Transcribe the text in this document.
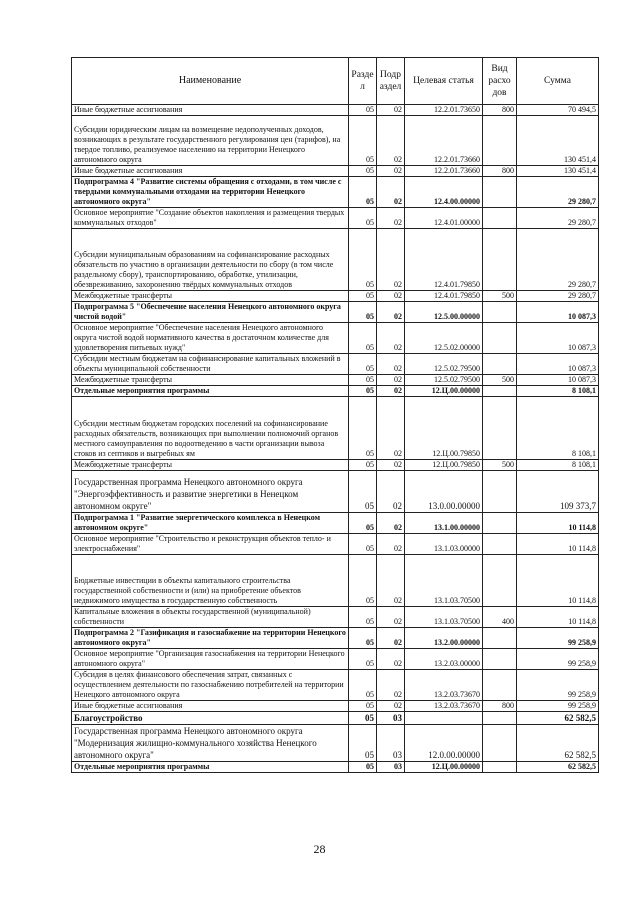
Наименование	Разде л	Подр аздел	Целевая статья	Вид расхо дов	Сумма
Иные бюджетные ассигнования	05	02	12.2.01.73650	800	70 494,5
Субсидии юридическим лицам на возмещение недополученных доходов, возникающих в результате государственного регулирования цен (тарифов), на твердое топливо, реализуемое населению на территории Ненецкого автономного округа	05	02	12.2.01.73660		130 451,4
Иные бюджетные ассигнования	05	02	12.2.01.73660	800	130 451,4
Подпрограмма 4 "Развитие системы обращения с отходами, в том числе с твердыми коммунальными отходами на территории Ненецкого автономного округа"	05	02	12.4.00.00000		29 280,7
Основное мероприятие "Создание объектов накопления и размещения твердых коммунальных отходов"	05	02	12.4.01.00000		29 280,7
Субсидии муниципальным образованиям на софинансирование расходных обязательств по участию в организации деятельности по сбору (в том числе раздельному сбору), транспортированию, обработке, утилизации, обезвреживанию, захоронению твёрдых коммунальных отходов	05	02	12.4.01.79850		29 280,7
Межбюджетные трансферты	05	02	12.4.01.79850	500	29 280,7
Подпрограмма 5 "Обеспечение населения Ненецкого автономного округа чистой водой"	05	02	12.5.00.00000		10 087,3
Основное мероприятие "Обеспечение населения Ненецкого автономного округа чистой водой нормативного качества в достаточном количестве для удовлетворения питьевых нужд"	05	02	12.5.02.00000		10 087,3
Субсидии местным бюджетам на софинансирование капитальных вложений в объекты муниципальной собственности	05	02	12.5.02.79500		10 087,3
Межбюджетные трансферты	05	02	12.5.02.79500	500	10 087,3
Отдельные мероприятия программы	05	02	12.Ц.00.00000		8 108,1
Субсидии местным бюджетам городских поселений на софинансирование расходных обязательств, возникающих при выполнении полномочий органов местного самоуправления по водоотведению в части организации вывоза стоков из септиков и выгребных ям	05	02	12.Ц.00.79850		8 108,1
Межбюджетные трансферты	05	02	12.Ц.00.79850	500	8 108,1
Государственная программа Ненецкого автономного округа "Энергоэффективность и развитие энергетики в Ненецком автономном округе"	05	02	13.0.00.00000		109 373,7
Подпрограмма 1 "Развитие энергетического комплекса в Ненецком автономном округе"	05	02	13.1.00.00000		10 114,8
Основное мероприятие "Строительство и реконструкция объектов тепло- и электроснабжения"	05	02	13.1.03.00000		10 114,8
Бюджетные инвестиции в объекты капитального строительства государственной собственности и (или) на приобретение объектов недвижимого имущества в государственную собственность	05	02	13.1.03.70500		10 114,8
Капитальные вложения в объекты государственной (муниципальной) собственности	05	02	13.1.03.70500	400	10 114,8
Подпрограмма 2 "Газификация и газоснабжение на территории Ненецкого автономного округа"	05	02	13.2.00.00000		99 258,9
Основное мероприятие "Организация газоснабжения на территории Ненецкого автономного округа"	05	02	13.2.03.00000		99 258,9
Субсидия в целях финансового обеспечения затрат, связанных с осуществлением деятельности по газоснабжению потребителей на территории Ненецкого автономного округа	05	02	13.2.03.73670		99 258,9
Иные бюджетные ассигнования	05	02	13.2.03.73670	800	99 258,9
Благоустройство	05	03			62 582,5
Государственная программа Ненецкого автономного округа "Модернизация жилищно-коммунального хозяйства Ненецкого автономного округа"	05	03	12.0.00.00000		62 582,5
Отдельные мероприятия программы	05	03	12.Ц.00.00000		62 582,5
28
